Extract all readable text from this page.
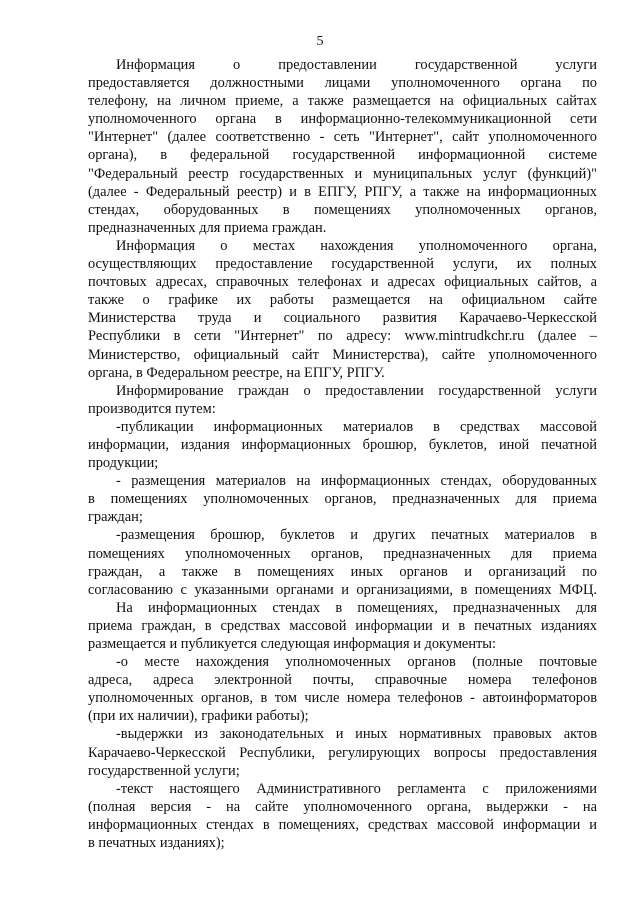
5
Информация о предоставлении государственной услуги
предоставляется должностными лицами уполномоченного органа по
телефону, на личном приеме, а также размещается на официальных сайтах
уполномоченного органа в информационно-телекоммуникационной сети
"Интернет" (далее соответственно - сеть "Интернет", сайт уполномоченного
органа), в федеральной государственной информационной системе
"Федеральный реестр государственных и муниципальных услуг (функций)"
(далее - Федеральный реестр) и в ЕПГУ, РПГУ, а также на информационных
стендах, оборудованных в помещениях уполномоченных органов,
предназначенных для приема граждан.
Информация о местах нахождения уполномоченного органа,
осуществляющих предоставление государственной услуги, их полных
почтовых адресах, справочных телефонах и адресах официальных сайтов, а
также о графике их работы размещается на официальном сайте
Министерства труда и социального развития Карачаево-Черкесской
Республики в сети "Интернет" по адресу: www.mintrudkchr.ru (далее –
Министерство, официальный сайт Министерства), сайте уполномоченного
органа, в Федеральном реестре, на ЕПГУ, РПГУ.
Информирование граждан о предоставлении государственной услуги
производится путем:
-публикации информационных материалов в средствах массовой
информации, издания информационных брошюр, буклетов, иной печатной
продукции;
- размещения материалов на информационных стендах, оборудованных
в помещениях уполномоченных органов, предназначенных для приема
граждан;
-размещения брошюр, буклетов и других печатных материалов в
помещениях уполномоченных органов, предназначенных для приема
граждан, а также в помещениях иных органов и организаций по
согласованию с указанными органами и организациями, в помещениях МФЦ.
На информационных стендах в помещениях, предназначенных для
приема граждан, в средствах массовой информации и в печатных изданиях
размещается и публикуется следующая информация и документы:
-о месте нахождения уполномоченных органов (полные почтовые
адреса, адреса электронной почты, справочные номера телефонов
уполномоченных органов, в том числе номера телефонов - автоинформаторов
(при их наличии), графики работы);
-выдержки из законодательных и иных нормативных правовых актов
Карачаево-Черкесской Республики, регулирующих вопросы предоставления
государственной услуги;
-текст настоящего Административного регламента с приложениями
(полная версия - на сайте уполномоченного органа, выдержки - на
информационных стендах в помещениях, средствах массовой информации и
в печатных изданиях);
